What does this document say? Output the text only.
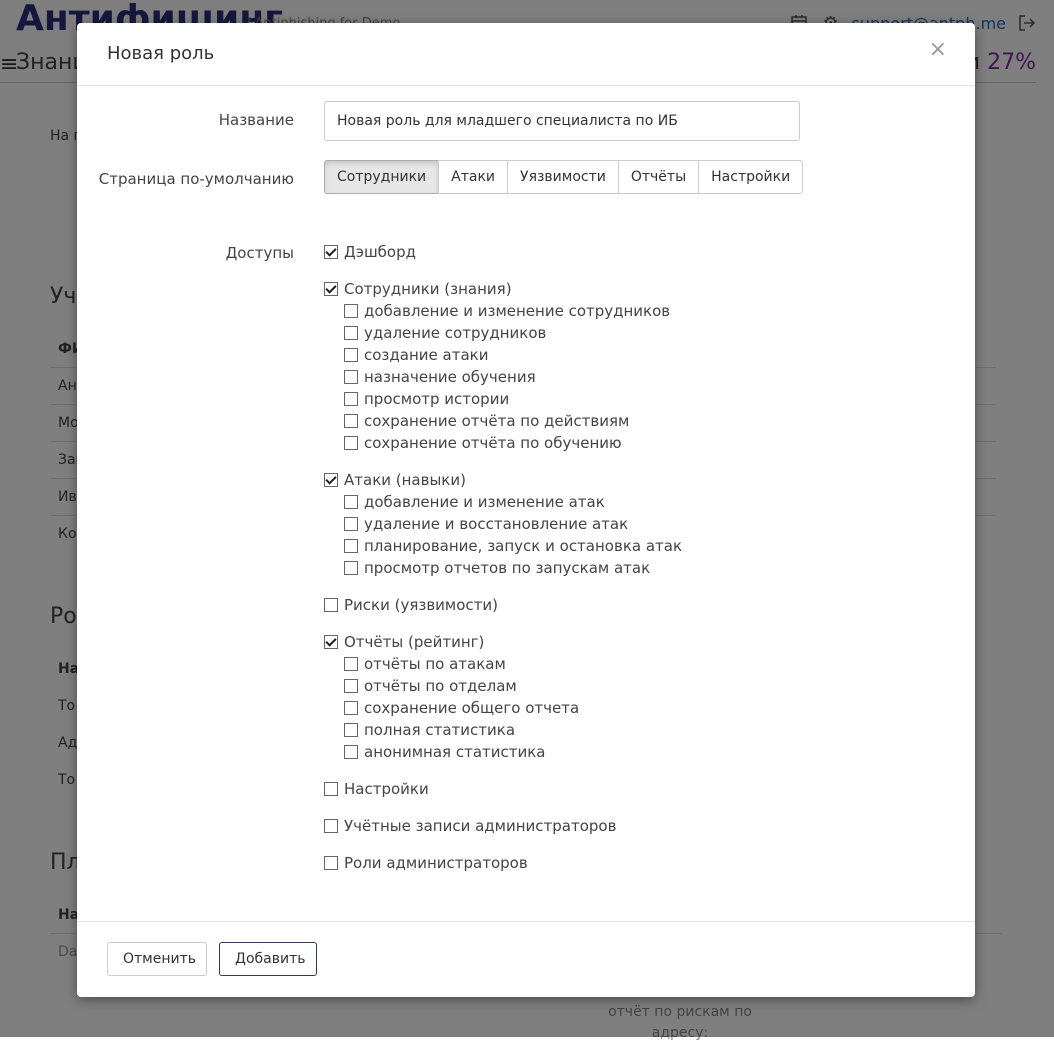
Новая роль	×
Название	Новая роль для младшего специалиста по ИБ
Страница по-умолчанию	Сотрудники	Атаки	Уязвимости	Отчёты	Настройки
Доступы	Дэшборд
Сотрудники (знания)
добавление и изменение сотрудников
удаление сотрудников
создание атаки
назначение обучения
просмотр истории
сохранение отчёта по действиям
сохранение отчёта по обучению
Атаки (навыки)
добавление и изменение атак
удаление и восстановление атак
планирование, запуск и остановка атак
просмотр отчетов по запускам атак
Риски (уязвимости)
Отчёты (рейтинг)
отчёты по атакам
отчёты по отделам
сохранение общего отчета
полная статистика
анонимная статистика
Настройки
Учётные записи администраторов
Роли администраторов
Отменить	Добавить
